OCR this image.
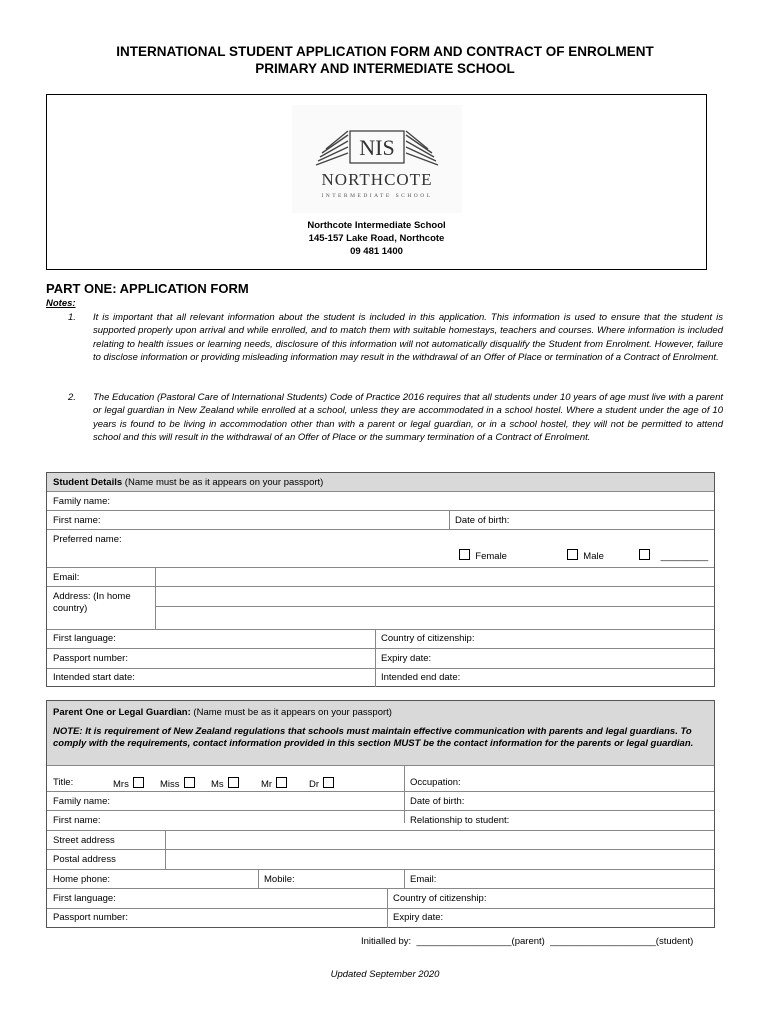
INTERNATIONAL STUDENT APPLICATION FORM AND CONTRACT OF ENROLMENT
PRIMARY AND INTERMEDIATE SCHOOL
NIS
NORTHCOTE
INTERMEDIATE SCHOOL
Northcote Intermediate School
145-157 Lake Road, Northcote
09 481 1400
PART ONE: APPLICATION FORM
Notes:
1. It is important that all relevant information about the student is included in this application. This information is used to ensure that the student is supported properly upon arrival and while enrolled, and to match them with suitable homestays, teachers and courses. Where information is included relating to health issues or learning needs, disclosure of this information will not automatically disqualify the Student from Enrolment. However, failure to disclose information or providing misleading information may result in the withdrawal of an Offer of Place or termination of a Contract of Enrolment.
2. The Education (Pastoral Care of International Students) Code of Practice 2016 requires that all students under 10 years of age must live with a parent or legal guardian in New Zealand while enrolled at a school, unless they are accommodated in a school hostel. Where a student under the age of 10 years is found to be living in accommodation other than with a parent or legal guardian, or in a school hostel, they will not be permitted to attend school and this will result in the withdrawal of an Offer of Place or the summary termination of a Contract of Enrolment.
Student Details (Name must be as it appears on your passport)
Family name:
First name:	Date of birth:
Preferred name:
Female	Male	_________
Email:
Address: (In home
country)
First language:	Country of citizenship:
Passport number:	Expiry date:
Intended start date:	Intended end date:
Parent One or Legal Guardian: (Name must be as it appears on your passport)
NOTE: It is requirement of New Zealand regulations that schools must maintain effective communication with parents and legal guardians. To comply with the requirements, contact information provided in this section MUST be the contact information for the parents or legal guardian.
Title:	Mrs	Miss	Ms	Mr	Dr	Occupation:
Family name:	Date of birth:
First name:	Relationship to student:
Street address
Postal address
Home phone:	Mobile:	Email:
First language:	Country of citizenship:
Passport number:	Expiry date:
Initialled by: __________________(parent) ____________________(student)
Updated September 2020
